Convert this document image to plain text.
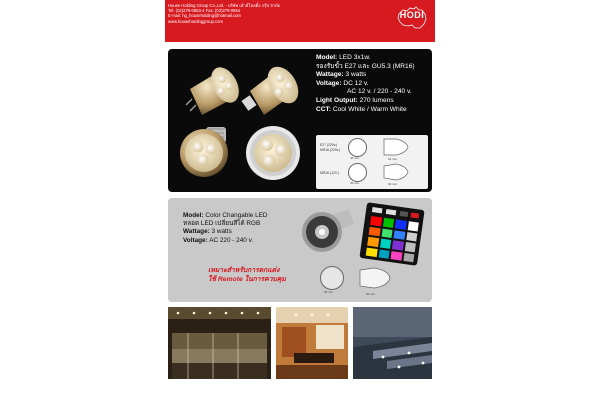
House Holding Group Co.,Ltd. - บริษัท เฮ้าส์โฮลดิ้ง กรุ๊ป จำกัด
Tel. (02)279-0653-4 Fax. (02)279-0654
E-mail: hg_householding@hotmail.com
www.househoIdinggroup.com
HODI
Model: LED 3x1w.
รองรับขั้ว E27 และ GU5.3 (MR16)
Wattage: 3 watts
Voltage: DC 12 v.
AC 12 v. / 220 - 240 v.
Light Output: 270 lumens
CCT: Cool White / Warm White
E27 (220v.)
MR16 (220v.)
46 mm.	62 mm.
MR16 (12V.)
46 mm.	62 mm.
Model: Color Changable LED
หลอด LED เปลี่ยนสีได้ RGB
Wattage: 3 watts
Voltage: AC 220 - 240 v.
เหมาะสำหรับการตกแต่ง
ใช้ Remote ในการควบคุม
46 mm.	62 mm.
